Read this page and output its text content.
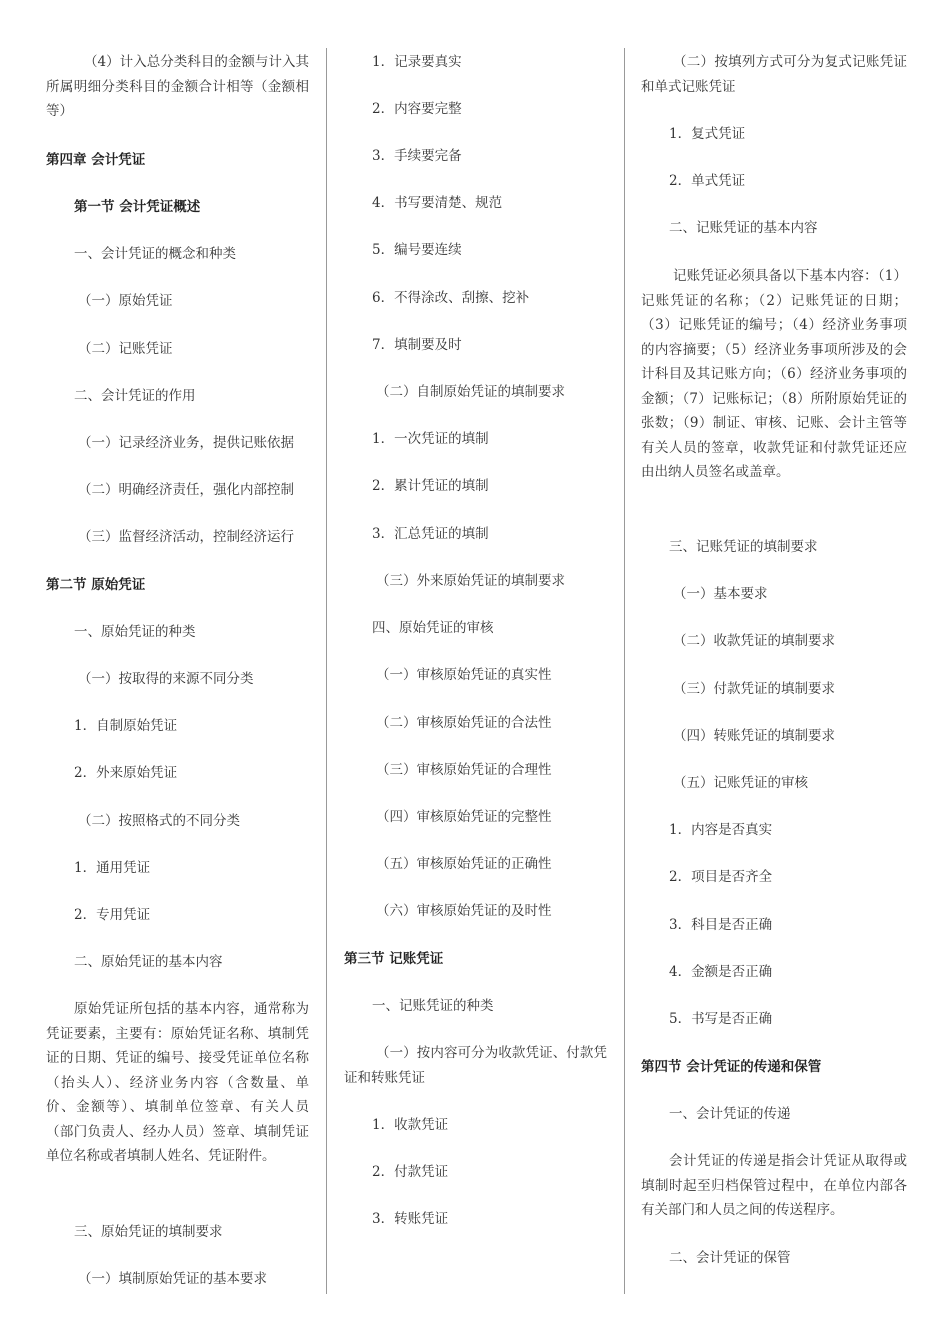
（4）计入总分类科目的金额与计入其所属明细分类科目的金额合计相等（金额相等）

第四章 会计凭证

第一节 会计凭证概述

一、会计凭证的概念和种类

（一）原始凭证

（二）记账凭证

二、会计凭证的作用

（一）记录经济业务，提供记账依据

（二）明确经济责任，强化内部控制

（三）监督经济活动，控制经济运行

第二节 原始凭证

一、原始凭证的种类

（一）按取得的来源不同分类

1．自制原始凭证

2．外来原始凭证

（二）按照格式的不同分类

1．通用凭证

2．专用凭证

二、原始凭证的基本内容

原始凭证所包括的基本内容，通常称为凭证要素，主要有：原始凭证名称、填制凭证的日期、凭证的编号、接受凭证单位名称（抬头人）、经济业务内容（含数量、单价、金额等）、填制单位签章、有关人员（部门负责人、经办人员）签章、填制凭证单位名称或者填制人姓名、凭证附件。

三、原始凭证的填制要求

（一）填制原始凭证的基本要求

1．记录要真实

2．内容要完整

3．手续要完备

4．书写要清楚、规范

5．编号要连续

6．不得涂改、刮擦、挖补

7．填制要及时

（二）自制原始凭证的填制要求

1．一次凭证的填制

2．累计凭证的填制

3．汇总凭证的填制

（三）外来原始凭证的填制要求

四、原始凭证的审核

（一）审核原始凭证的真实性

（二）审核原始凭证的合法性

（三）审核原始凭证的合理性

（四）审核原始凭证的完整性

（五）审核原始凭证的正确性

（六）审核原始凭证的及时性

第三节 记账凭证

一、记账凭证的种类

（一）按内容可分为收款凭证、付款凭证和转账凭证

1．收款凭证

2．付款凭证

3．转账凭证

（二）按填列方式可分为复式记账凭证和单式记账凭证

1．复式凭证

2．单式凭证

二、记账凭证的基本内容

记账凭证必须具备以下基本内容：（1）记账凭证的名称；（2）记账凭证的日期；（3）记账凭证的编号；（4）经济业务事项的内容摘要；（5）经济业务事项所涉及的会计科目及其记账方向；（6）经济业务事项的金额；（7）记账标记；（8）所附原始凭证的张数；（9）制证、审核、记账、会计主管等有关人员的签章，收款凭证和付款凭证还应由出纳人员签名或盖章。

三、记账凭证的填制要求

（一）基本要求

（二）收款凭证的填制要求

（三）付款凭证的填制要求

（四）转账凭证的填制要求

（五）记账凭证的审核

1．内容是否真实

2．项目是否齐全

3．科目是否正确

4．金额是否正确

5．书写是否正确

第四节 会计凭证的传递和保管

一、会计凭证的传递

会计凭证的传递是指会计凭证从取得或填制时起至归档保管过程中，在单位内部各有关部门和人员之间的传送程序。

二、会计凭证的保管
